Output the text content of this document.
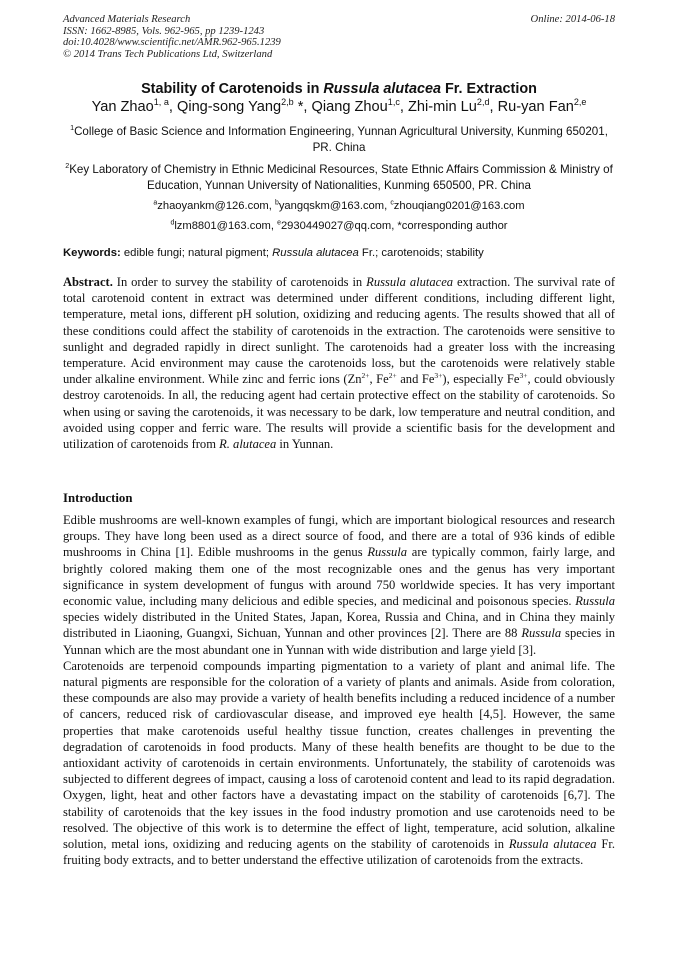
Advanced Materials Research
ISSN: 1662-8985, Vols. 962-965, pp 1239-1243
doi:10.4028/www.scientific.net/AMR.962-965.1239
© 2014 Trans Tech Publications Ltd, Switzerland
Online: 2014-06-18
Stability of Carotenoids in Russula alutacea Fr. Extraction
Yan Zhao$^{1, a}$, Qing-song Yang$^{2,b}$ *, Qiang Zhou$^{1,c}$, Zhi-min Lu$^{2,d}$, Ru-yan Fan$^{2,e}$
$^1$College of Basic Science and Information Engineering, Yunnan Agricultural University, Kunming 650201, PR. China
$^2$Key Laboratory of Chemistry in Ethnic Medicinal Resources, State Ethnic Affairs Commission & Ministry of Education, Yunnan University of Nationalities, Kunming 650500, PR. China
$^a$zhaoyankm@126.com, $^b$yangqskm@163.com, $^c$zhouqiang0201@163.com
$^d$lzm8801@163.com, $^e$2930449027@qq.com, *corresponding author
Keywords: edible fungi; natural pigment; Russula alutacea Fr.; carotenoids; stability
Abstract. In order to survey the stability of carotenoids in Russula alutacea extraction. The survival rate of total carotenoid content in extract was determined under different conditions, including different light, temperature, metal ions, different pH solution, oxidizing and reducing agents. The results showed that all of these conditions could affect the stability of carotenoids in the extraction. The carotenoids were sensitive to sunlight and degraded rapidly in direct sunlight. The carotenoids had a greater loss with the increasing temperature. Acid environment may cause the carotenoids loss, but the carotenoids were relatively stable under alkaline environment. While zinc and ferric ions ($Zn^{2+}$, $Fe^{2+}$ and $Fe^{3+}$), especially $Fe^{3+}$, could obviously destroy carotenoids. In all, the reducing agent had certain protective effect on the stability of carotenoids. So when using or saving the carotenoids, it was necessary to be dark, low temperature and neutral condition, and avoided using copper and ferric ware. The results will provide a scientific basis for the development and utilization of carotenoids from R. alutacea in Yunnan.
Introduction

Edible mushrooms are well-known examples of fungi, which are important biological resources and research groups. They have long been used as a direct source of food, and there are a total of 936 kinds of edible mushrooms in China [1]. Edible mushrooms in the genus Russula are typically common, fairly large, and brightly colored making them one of the most recognizable ones and the genus has very important significance in system development of fungus with around 750 worldwide species. It has very important economic value, including many delicious and edible species, and medicinal and poisonous species. Russula species widely distributed in the United States, Japan, Korea, Russia and China, and in China they mainly distributed in Liaoning, Guangxi, Sichuan, Yunnan and other provinces [2]. There are 88 Russula species in Yunnan which are the most abundant one in Yunnan with wide distribution and large yield [3].

Carotenoids are terpenoid compounds imparting pigmentation to a variety of plant and animal life. The natural pigments are responsible for the coloration of a variety of plants and animals. Aside from coloration, these compounds are also may provide a variety of health benefits including a reduced incidence of a number of cancers, reduced risk of cardiovascular disease, and improved eye health [4,5]. However, the same properties that make carotenoids useful healthy tissue function, creates challenges in preventing the degradation of carotenoids in food products. Many of these health benefits are thought to be due to the antioxidant activity of carotenoids in certain environments. Unfortunately, the stability of carotenoids was subjected to different degrees of impact, causing a loss of carotenoid content and lead to its rapid degradation. Oxygen, light, heat and other factors have a devastating impact on the stability of carotenoids [6,7]. The stability of carotenoids that the key issues in the food industry promotion and use carotenoids need to be resolved. The objective of this work is to determine the effect of light, temperature, acid solution, alkaline solution, metal ions, oxidizing and reducing agents on the stability of carotenoids in Russula alutacea Fr. fruiting body extracts, and to better understand the effective utilization of carotenoids from the extracts.
